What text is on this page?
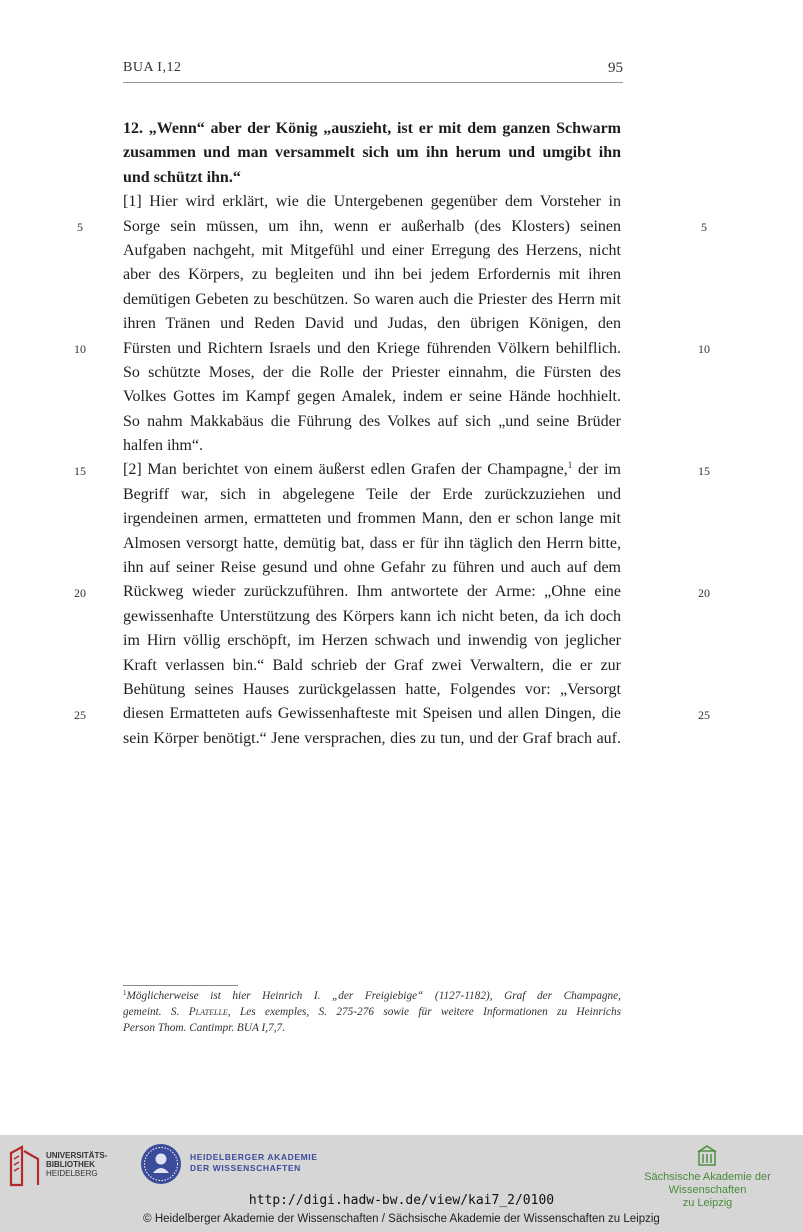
BUA I,12	95
12. „Wenn“ aber der König „auszieht, ist er mit dem ganzen Schwarm
zusammen und man versammelt sich um ihn herum und umgibt ihn
und schützt ihn.“
[1] Hier wird erklärt, wie die Untergebenen gegenüber dem Vorsteher in
Sorge sein müssen, um ihn, wenn er außerhalb (des Klosters) seinen
Aufgaben nachgeht, mit Mitgefühl und einer Erregung des Herzens, nicht
aber des Körpers, zu begleiten und ihn bei jedem Erfordernis mit ihren
demütigen Gebeten zu beschützen. So waren auch die Priester des Herrn mit
ihren Tränen und Reden David und Judas, den übrigen Königen, den
Fürsten und Richtern Israels und den Kriege führenden Völkern behilflich.
So schützte Moses, der die Rolle der Priester einnahm, die Fürsten des
Volkes Gottes im Kampf gegen Amalek, indem er seine Hände hochhielt.
So nahm Makkabäus die Führung des Volkes auf sich „und seine Brüder
halfen ihm“.
[2] Man berichtet von einem äußerst edlen Grafen der Champagne,$^1$ der im
Begriff war, sich in abgelegene Teile der Erde zurückzuziehen und
irgendeinen armen, ermatteten und frommen Mann, den er schon lange mit
Almosen versorgt hatte, demütig bat, dass er für ihn täglich den Herrn bitte,
ihn auf seiner Reise gesund und ohne Gefahr zu führen und auch auf dem
Rückweg wieder zurückzuführen. Ihm antwortete der Arme: „Ohne eine
gewissenhafte Unterstützung des Körpers kann ich nicht beten, da ich doch
im Hirn völlig erschöpft, im Herzen schwach und inwendig von jeglicher
Kraft verlassen bin.“ Bald schrieb der Graf zwei Verwaltern, die er zur
Behütung seines Hauses zurückgelassen hatte, Folgendes vor: „Versorgt
diesen Ermatteten aufs Gewissenhafteste mit Speisen und allen Dingen, die
sein Körper benötigt.“ Jene versprachen, dies zu tun, und der Graf brach auf.
5	5
10	10
15	15
20	20
25	25
$^1$Möglicherweise ist hier Heinrich I. „der Freigiebige“ (1127-1182), Graf der Champagne,
gemeint. S. Platelle, Les exemples, S. 275-276 sowie für weitere Informationen zu Heinrichs
Person Thom. Cantimpr. BUA I,7,7.
UNIVERSITÄTS-
BIBLIOTHEK
HEIDELBERG
HEIDELBERGER AKADEMIE
DER WISSENSCHAFTEN
Sächsische Akademie der Wissenschaften
zu Leipzig
http://digi.hadw-bw.de/view/kai7_2/0100
© Heidelberger Akademie der Wissenschaften / Sächsische Akademie der Wissenschaften zu Leipzig
